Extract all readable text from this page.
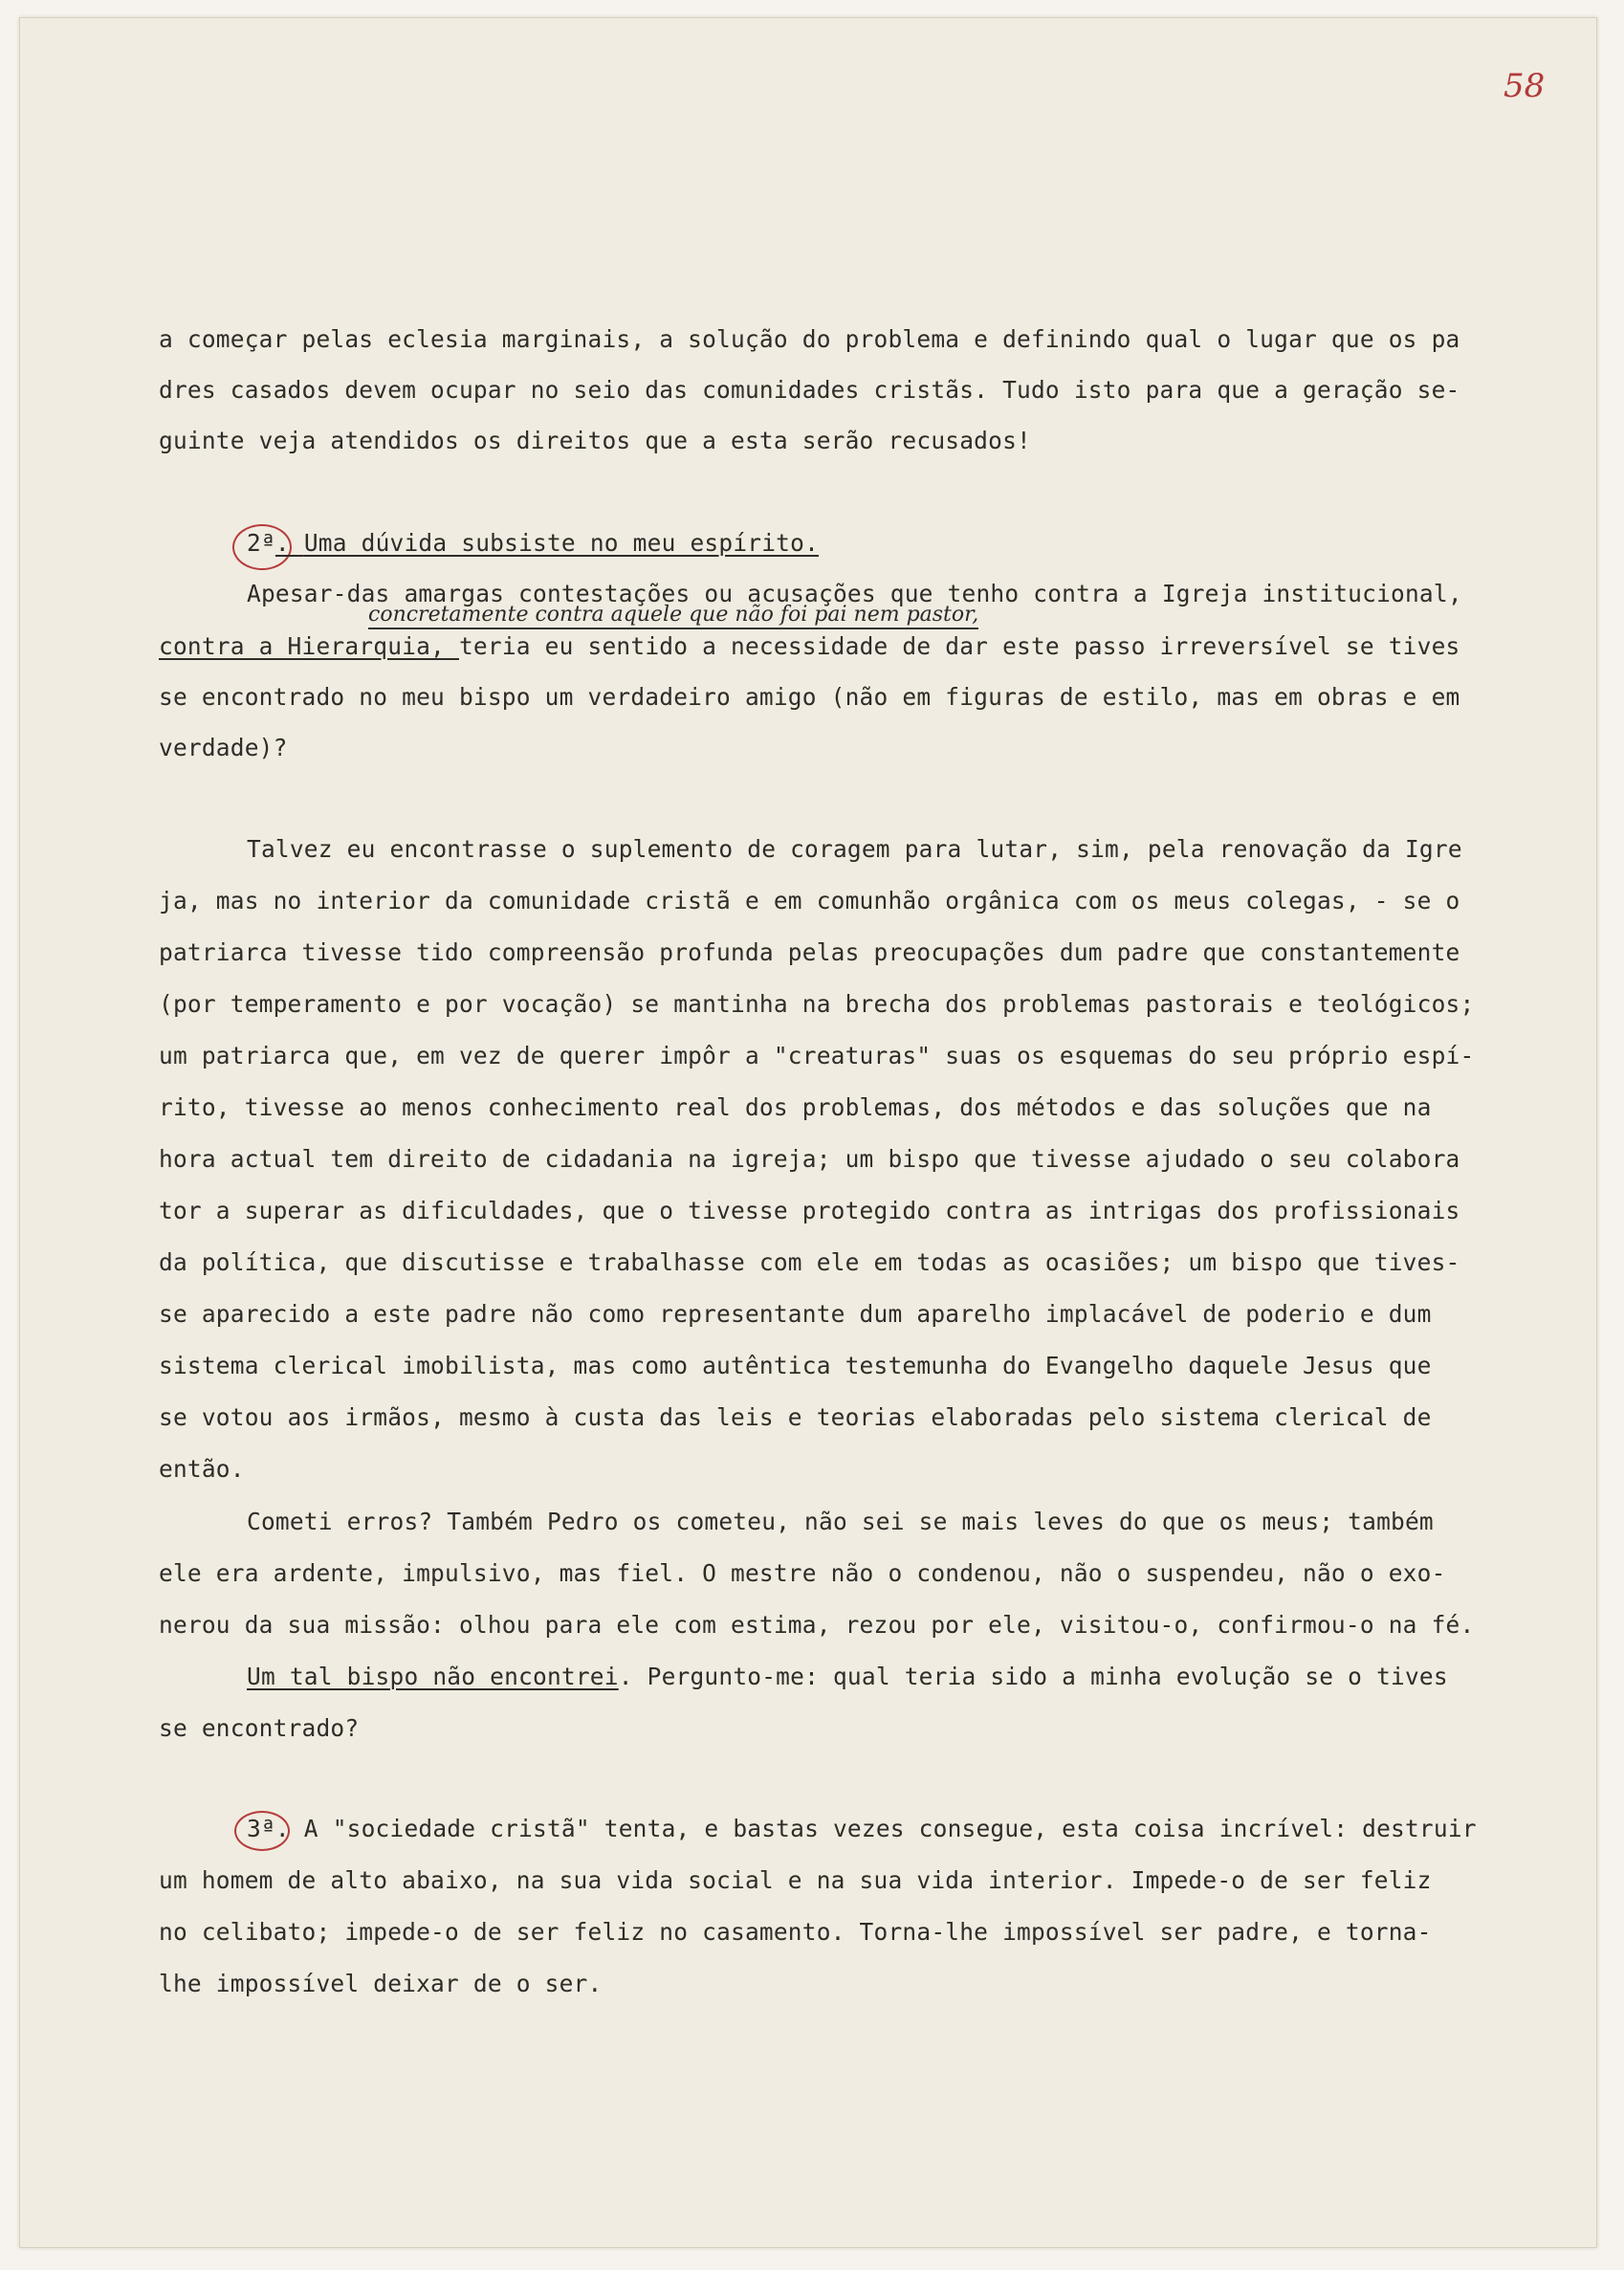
58
a começar pelas eclesia marginais, a solução do problema e definindo qual o lugar que os pa
dres casados devem ocupar no seio das comunidades cristãs. Tudo isto para que a geração se-
guinte veja atendidos os direitos que a esta serão recusados!
2ª. Uma dúvida subsiste no meu espírito.
Apesar-das amargas contestações ou acusações que tenho contra a Igreja institucional,
concretamente contra aquele que não foi pai nem pastor,
contra a Hierarquia, teria eu sentido a necessidade de dar este passo irreversível se tives
se encontrado no meu bispo um verdadeiro amigo (não em figuras de estilo, mas em obras e em
verdade)?
Talvez eu encontrasse o suplemento de coragem para lutar, sim, pela renovação da Igre
ja, mas no interior da comunidade cristã e em comunhão orgânica com os meus colegas, - se o
patriarca tivesse tido compreensão profunda pelas preocupações dum padre que constantemente
(por temperamento e por vocação) se mantinha na brecha dos problemas pastorais e teológicos;
um patriarca que, em vez de querer impôr a "creaturas" suas os esquemas do seu próprio espí-
rito, tivesse ao menos conhecimento real dos problemas, dos métodos e das soluções que na
hora actual tem direito de cidadania na igreja; um bispo que tivesse ajudado o seu colabora
tor a superar as dificuldades, que o tivesse protegido contra as intrigas dos profissionais
da política, que discutisse e trabalhasse com ele em todas as ocasiões; um bispo que tives-
se aparecido a este padre não como representante dum aparelho implacável de poderio e dum
sistema clerical imobilista, mas como autêntica testemunha do Evangelho daquele Jesus que
se votou aos irmãos, mesmo à custa das leis e teorias elaboradas pelo sistema clerical de
então.
Cometi erros? Também Pedro os cometeu, não sei se mais leves do que os meus; também
ele era ardente, impulsivo, mas fiel. O mestre não o condenou, não o suspendeu, não o exo-
nerou da sua missão: olhou para ele com estima, rezou por ele, visitou-o, confirmou-o na fé.
Um tal bispo não encontrei. Pergunto-me: qual teria sido a minha evolução se o tives
se encontrado?
3ª. A "sociedade cristã" tenta, e bastas vezes consegue, esta coisa incrível: destruir
um homem de alto abaixo, na sua vida social e na sua vida interior. Impede-o de ser feliz
no celibato; impede-o de ser feliz no casamento. Torna-lhe impossível ser padre, e torna-
lhe impossível deixar de o ser.
